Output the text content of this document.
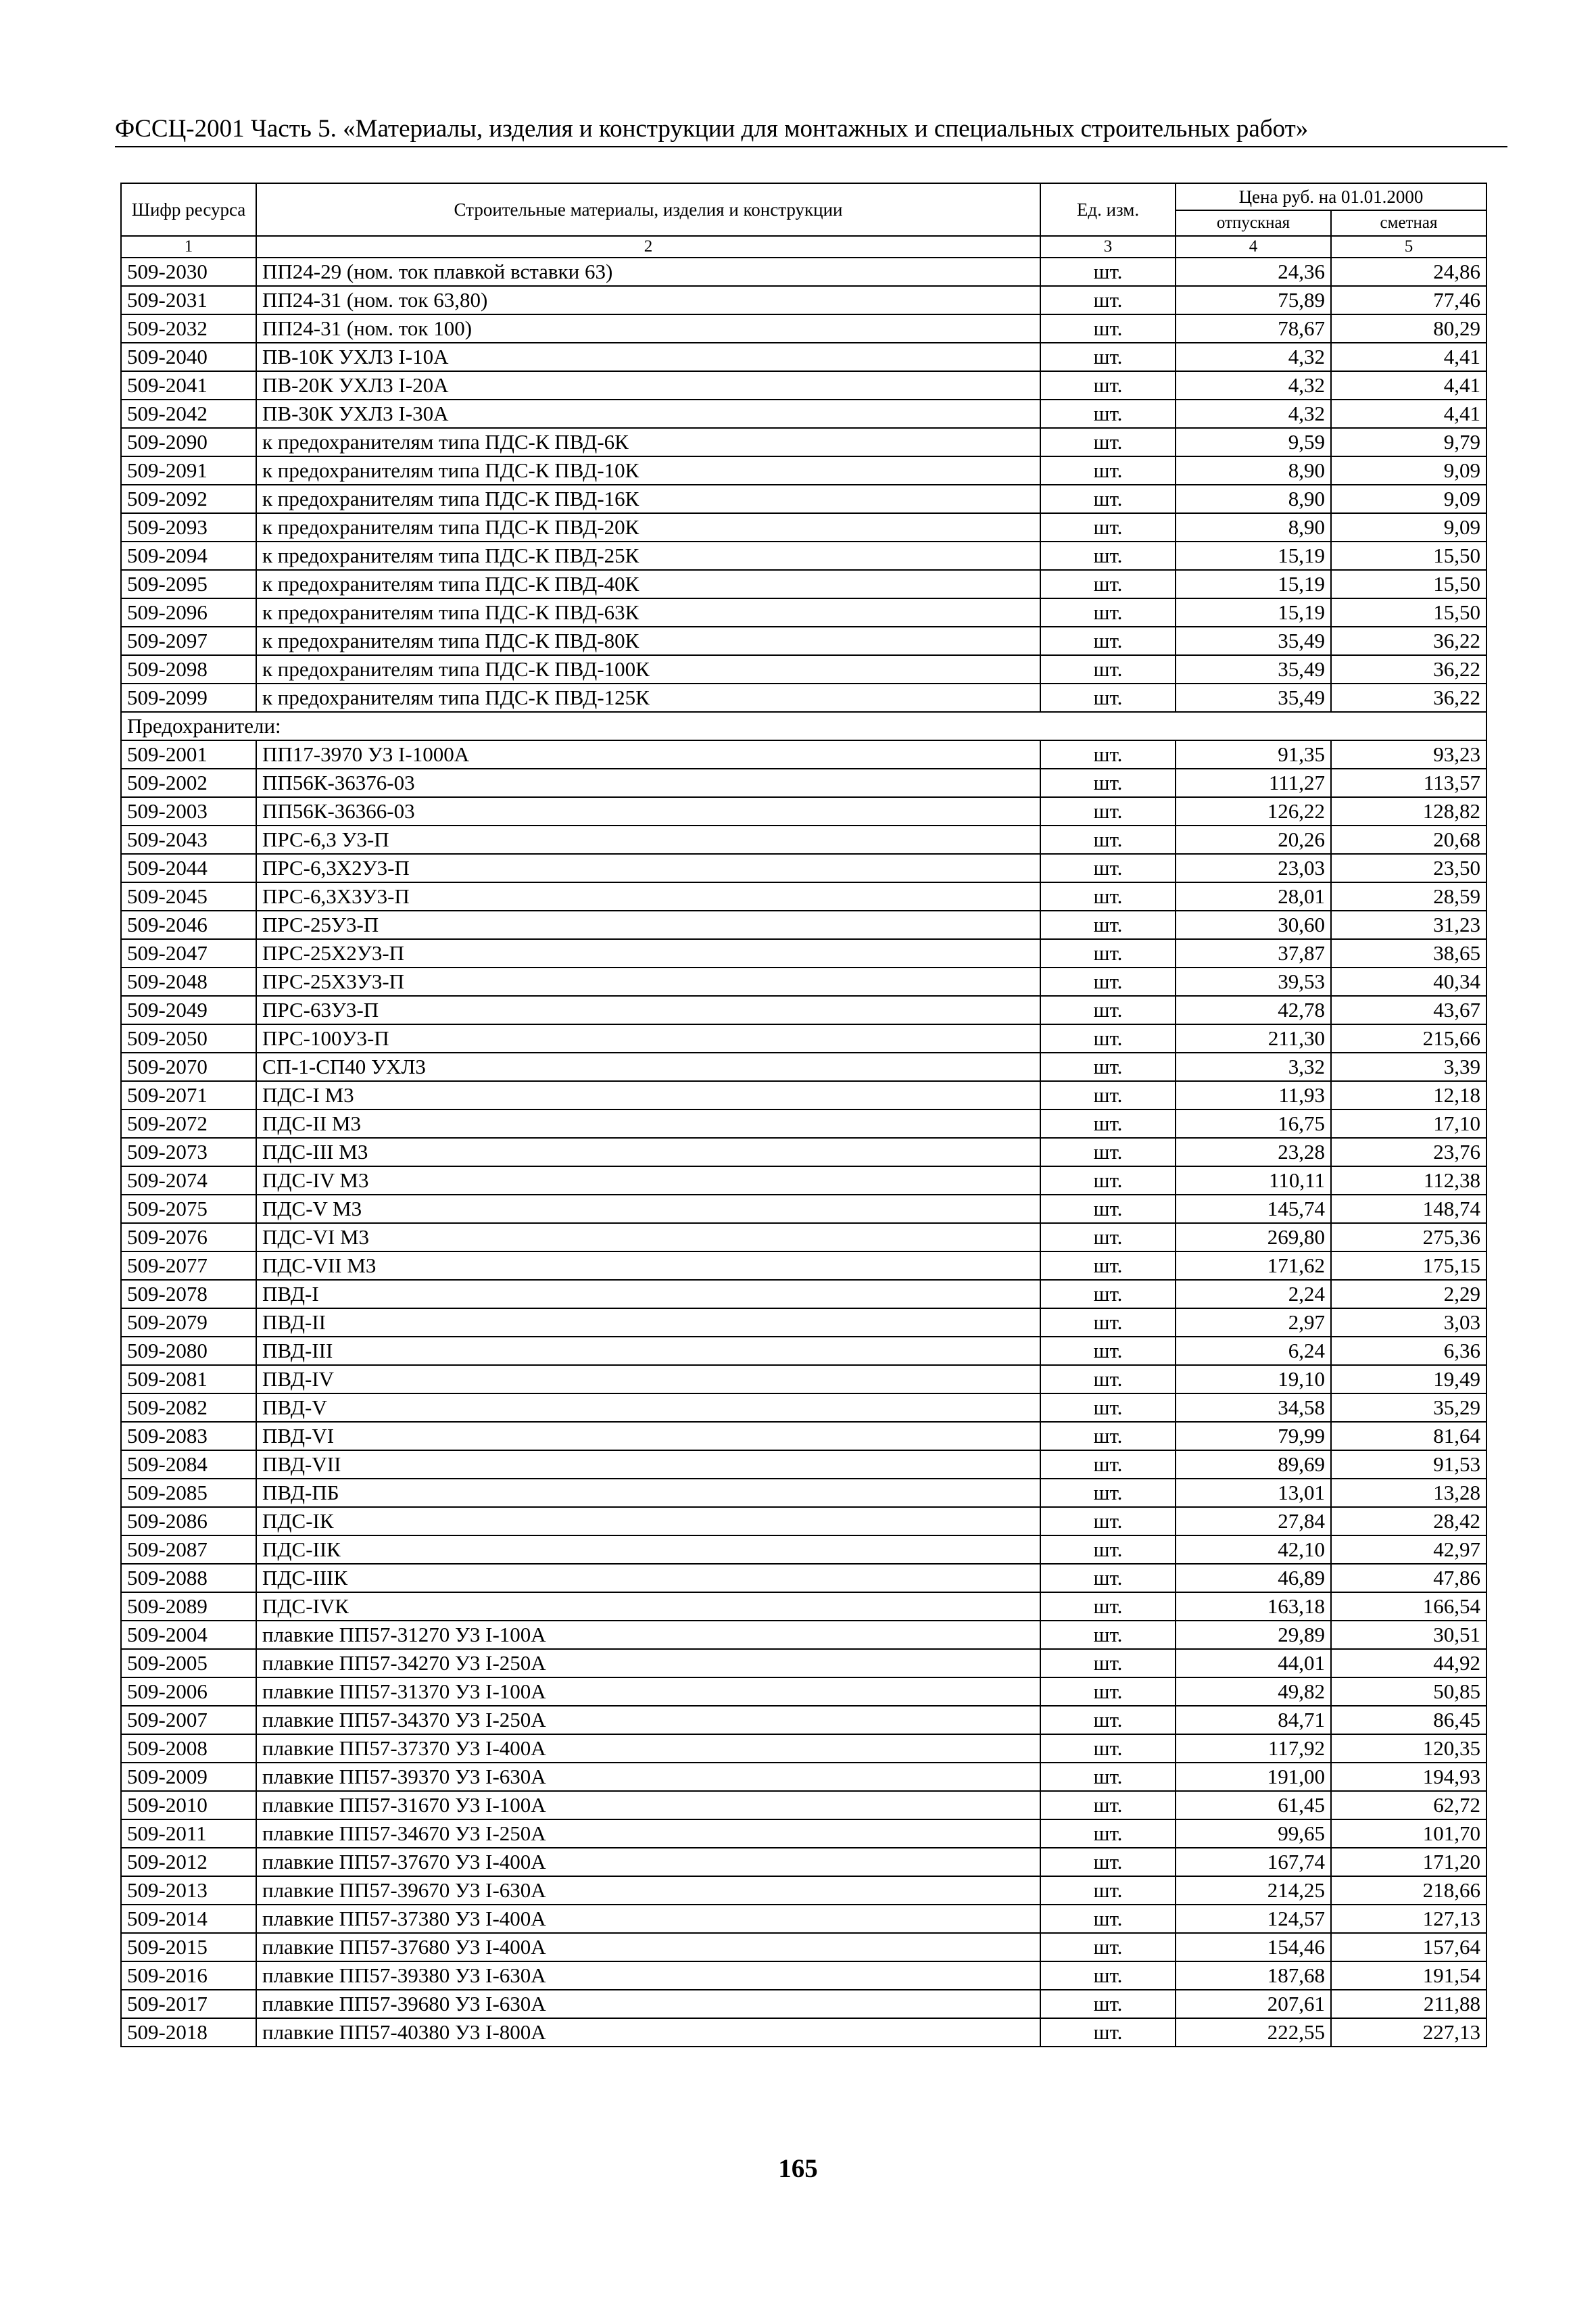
ФССЦ-2001 Часть 5. «Материалы, изделия и конструкции для монтажных и специальных строительных работ»
Шифр ресурса	Строительные материалы, изделия и конструкции	Ед. изм.	Цена руб. на 01.01.2000	
			отпускная	сметная
1	2	3	4	5
509-2030	ПП24-29 (ном. ток плавкой вставки 63)	шт.	24,36	24,86
509-2031	ПП24-31 (ном. ток 63,80)	шт.	75,89	77,46
509-2032	ПП24-31 (ном. ток 100)	шт.	78,67	80,29
509-2040	ПВ-10К УХЛ3 I-10А	шт.	4,32	4,41
509-2041	ПВ-20К УХЛ3 I-20А	шт.	4,32	4,41
509-2042	ПВ-30К УХЛ3 I-30А	шт.	4,32	4,41
509-2090	к предохранителям типа ПДС-К ПВД-6К	шт.	9,59	9,79
509-2091	к предохранителям типа ПДС-К ПВД-10К	шт.	8,90	9,09
509-2092	к предохранителям типа ПДС-К ПВД-16К	шт.	8,90	9,09
509-2093	к предохранителям типа ПДС-К ПВД-20К	шт.	8,90	9,09
509-2094	к предохранителям типа ПДС-К ПВД-25К	шт.	15,19	15,50
509-2095	к предохранителям типа ПДС-К ПВД-40К	шт.	15,19	15,50
509-2096	к предохранителям типа ПДС-К ПВД-63К	шт.	15,19	15,50
509-2097	к предохранителям типа ПДС-К ПВД-80К	шт.	35,49	36,22
509-2098	к предохранителям типа ПДС-К ПВД-100К	шт.	35,49	36,22
509-2099	к предохранителям типа ПДС-К ПВД-125К	шт.	35,49	36,22
Предохранители:				
509-2001	ПП17-3970 У3 I-1000А	шт.	91,35	93,23
509-2002	ПП56К-36376-03	шт.	111,27	113,57
509-2003	ПП56К-36366-03	шт.	126,22	128,82
509-2043	ПРС-6,3 У3-П	шт.	20,26	20,68
509-2044	ПРС-6,3Х2У3-П	шт.	23,03	23,50
509-2045	ПРС-6,3Х3У3-П	шт.	28,01	28,59
509-2046	ПРС-25У3-П	шт.	30,60	31,23
509-2047	ПРС-25Х2У3-П	шт.	37,87	38,65
509-2048	ПРС-25Х3У3-П	шт.	39,53	40,34
509-2049	ПРС-63У3-П	шт.	42,78	43,67
509-2050	ПРС-100У3-П	шт.	211,30	215,66
509-2070	СП-1-СП40 УХЛ3	шт.	3,32	3,39
509-2071	ПДС-I М3	шт.	11,93	12,18
509-2072	ПДС-II М3	шт.	16,75	17,10
509-2073	ПДС-III М3	шт.	23,28	23,76
509-2074	ПДС-IV М3	шт.	110,11	112,38
509-2075	ПДС-V М3	шт.	145,74	148,74
509-2076	ПДС-VI М3	шт.	269,80	275,36
509-2077	ПДС-VII М3	шт.	171,62	175,15
509-2078	ПВД-I	шт.	2,24	2,29
509-2079	ПВД-II	шт.	2,97	3,03
509-2080	ПВД-III	шт.	6,24	6,36
509-2081	ПВД-IV	шт.	19,10	19,49
509-2082	ПВД-V	шт.	34,58	35,29
509-2083	ПВД-VI	шт.	79,99	81,64
509-2084	ПВД-VII	шт.	89,69	91,53
509-2085	ПВД-ПБ	шт.	13,01	13,28
509-2086	ПДС-IК	шт.	27,84	28,42
509-2087	ПДС-IIК	шт.	42,10	42,97
509-2088	ПДС-IIIК	шт.	46,89	47,86
509-2089	ПДС-IVК	шт.	163,18	166,54
509-2004	плавкие ПП57-31270 У3 I-100А	шт.	29,89	30,51
509-2005	плавкие ПП57-34270 У3 I-250А	шт.	44,01	44,92
509-2006	плавкие ПП57-31370 У3 I-100А	шт.	49,82	50,85
509-2007	плавкие ПП57-34370 У3 I-250А	шт.	84,71	86,45
509-2008	плавкие ПП57-37370 У3 I-400А	шт.	117,92	120,35
509-2009	плавкие ПП57-39370 У3 I-630А	шт.	191,00	194,93
509-2010	плавкие ПП57-31670 У3 I-100А	шт.	61,45	62,72
509-2011	плавкие ПП57-34670 У3 I-250А	шт.	99,65	101,70
509-2012	плавкие ПП57-37670 У3 I-400А	шт.	167,74	171,20
509-2013	плавкие ПП57-39670 У3 I-630А	шт.	214,25	218,66
509-2014	плавкие ПП57-37380 У3 I-400А	шт.	124,57	127,13
509-2015	плавкие ПП57-37680 У3 I-400А	шт.	154,46	157,64
509-2016	плавкие ПП57-39380 У3 I-630А	шт.	187,68	191,54
509-2017	плавкие ПП57-39680 У3 I-630А	шт.	207,61	211,88
509-2018	плавкие ПП57-40380 У3 I-800А	шт.	222,55	227,13
165
